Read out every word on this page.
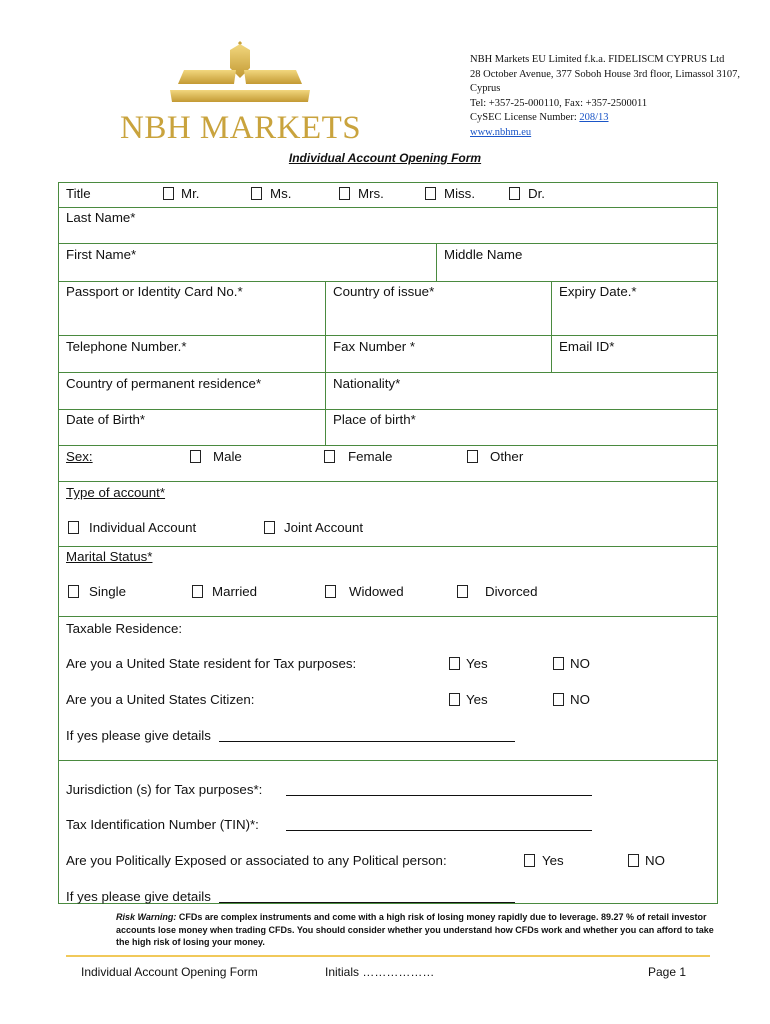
NBH MARKETS
NBH Markets EU Limited f.k.a. FIDELISCM CYPRUS Ltd
28 October Avenue, 377 Soboh House 3rd floor, Limassol 3107,
Cyprus
Tel: +357-25-000110, Fax: +357-2500011
CySEC License Number: 208/13
www.nbhm.eu
Individual Account Opening Form
Title	Mr.	Ms.	Mrs.	Miss.	Dr.
Last Name*
First Name*	Middle Name
Passport or Identity Card No.*	Country of issue*	Expiry Date.*
Telephone Number.*	Fax Number *	Email ID*
Country of permanent residence*	Nationality*
Date of Birth*	Place of birth*
Sex:	Male	Female	Other
Type of account*
Individual Account	Joint Account
Marital Status*
Single	Married	Widowed	Divorced
Taxable Residence:
Are you a United State resident for Tax purposes:	Yes	NO
Are you a United States Citizen:	Yes	NO
If yes please give details
Jurisdiction (s) for Tax purposes*:
Tax Identification Number (TIN)*:
Are you Politically Exposed or associated to any Political person:	Yes	NO
If yes please give details
Risk Warning: CFDs are complex instruments and come with a high risk of losing money rapidly due to leverage. 89.27 % of retail investor accounts lose money when trading CFDs. You should consider whether you understand how CFDs work and whether you can afford to take the high risk of losing your money.
Individual Account Opening Form	Initials ………………	Page 1
